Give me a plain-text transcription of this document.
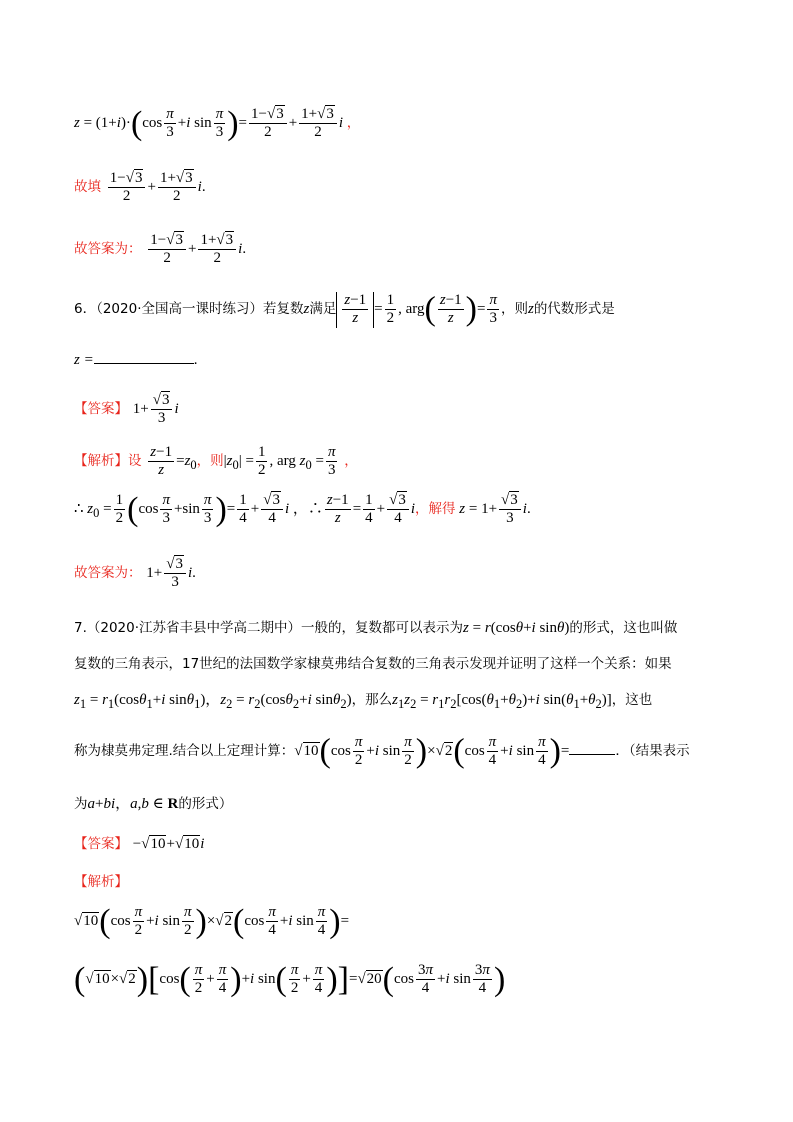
$z = (1+i)\cdot(\cos \frac{\pi}{3} +i$ $\sin \frac{\pi}{3}$ )= $\frac{1-√3}{2} + \frac{1+√3}{2}$ i ，
故填 $\frac{1-√3}{2} + \frac{1+√3}{2} i$.
故答案为： $\frac{1-√3}{2} + \frac{1+√3}{2} i$.
6．（2020·全国高一课时练习）若复数z满足 $\frac{z-1}{z} = \frac{1}{2}$ , $arg( \frac{z-1}{z}$ )= $\frac{\pi}{3}$ ，则z的代数形式是
z =	.
【答案】 $1+ \frac{√3}{3}$ i
【解析】设 $\frac{z-1}{z} =z_0$，则$|z_0| = \frac{1}{2}$ , arg $z_0 = \frac{\pi}{3}$ ，
∴ $z_0 = \frac{1}{2} (\cos \frac{\pi}{3} +\sin \frac{\pi}{3}$ )= $\frac{1}{4} + \frac{√3}{4}$ i ，∴ $\frac{z-1}{z} = \frac{1}{4} + \frac{√3}{4}$ i，解得 $z = 1+ \frac{√3}{3} i$.
故答案为： $1+ \frac{√3}{3} i$.
7.（2020·江苏省丰县中学高二期中）一般的，复数都可以表示为z = r(cosθ+i sinθ)的形式，这也叫做
复数的三角表示，17世纪的法国数学家棣莫弗结合复数的三角表示发现并证明了这样一个关系：如果
$z_1 = r_1(\cos\theta_1+i$ sinθ$_1$)，$z_2 = r_2(\cos\theta_2+i$ sinθ$_2$)，那么$z_1z_2 = r_1r_2[\cos(\theta_1+\theta_2)+i$ $\sin(\theta_1+\theta_2)$]，这也
称为棣莫弗定理.结合以上定理计算：$√10(\cos \frac{\pi}{2} +i$ $\sin \frac{\pi}{2} )\times√2(\cos \frac{\pi}{4} +i$ $\sin \frac{\pi}{4}$ )=	．（结果表示
为a+bi，a,b ∈ R的形式）
【答案】 −√10+√10i
【解析】
$√10(\cos \frac{\pi}{2} +i$ $\sin \frac{\pi}{2} )\times√2(\cos \frac{\pi}{4} +i$ $\sin \frac{\pi}{4}$ )=
$(√10\times√2)[\cos( \frac{\pi}{2} + \frac{\pi}{4} )+i$ $\sin( \frac{\pi}{2} + \frac{\pi}{4} )]=√20(\cos \frac{3\pi}{4} +i$ $\sin \frac{3\pi}{4}$ )
